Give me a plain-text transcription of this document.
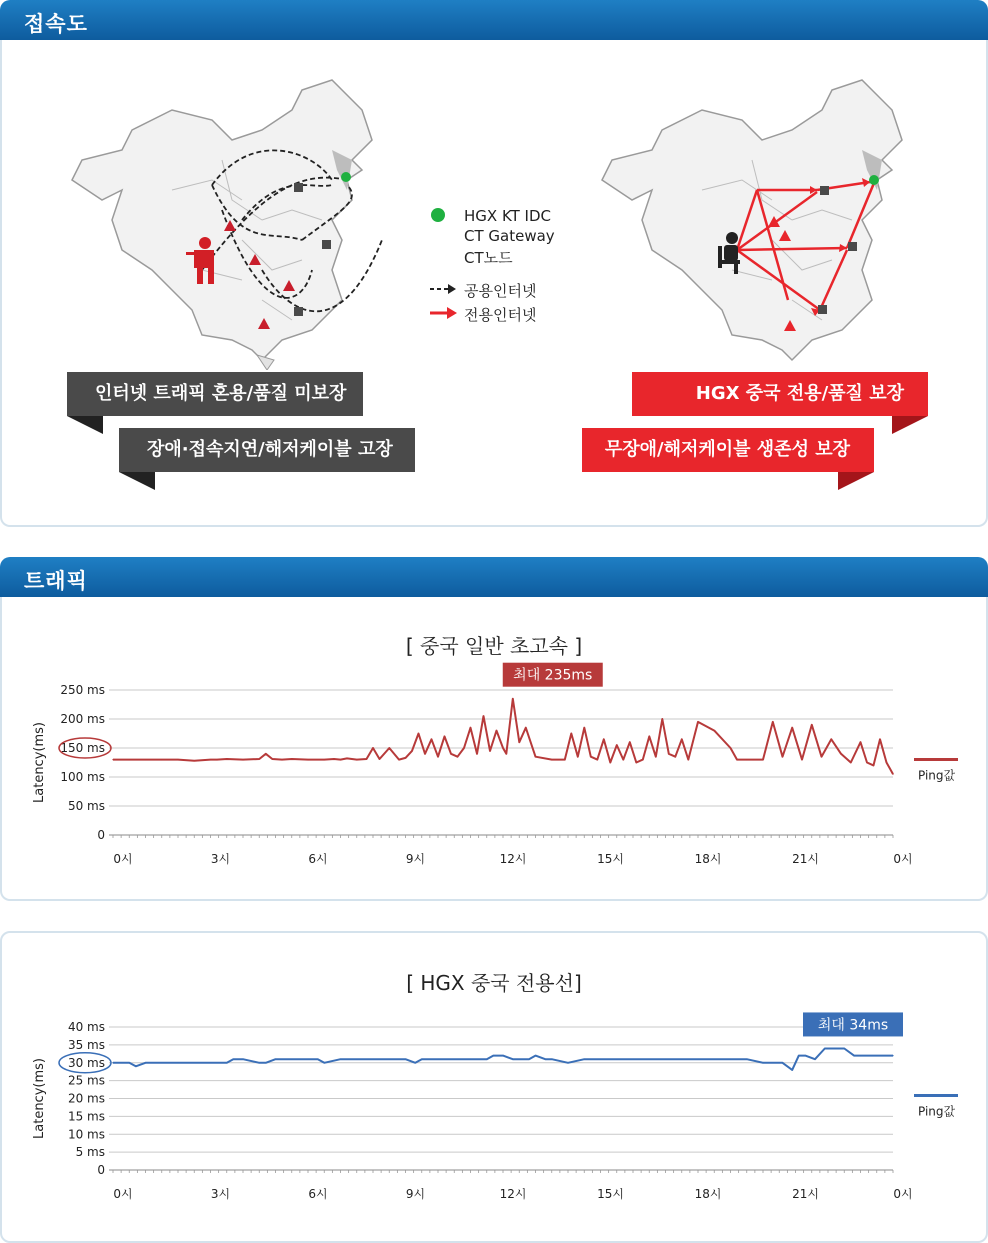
접속도
HGX KT IDC
CT Gateway
CT노드
공용인터넷
전용인터넷
인터넷 트래픽 혼용/품질 미보장
장애·접속지연/해저케이블 고장
HGX 중국 전용/품질 보장
무장애/해저케이블 생존성 보장
트래픽
[ 중국 일반 초고속 ]
0
50 ms
100 ms
150 ms
200 ms
250 ms
0시	3시	6시	9시	12시	15시	18시	21시	0시
Latency(ms)
최대 235ms
Ping값
[ HGX 중국 전용선]
0
5 ms
10 ms
15 ms
20 ms
25 ms
30 ms
35 ms
40 ms
0시	3시	6시	9시	12시	15시	18시	21시	0시
Latency(ms)
최대 34ms
Ping값
